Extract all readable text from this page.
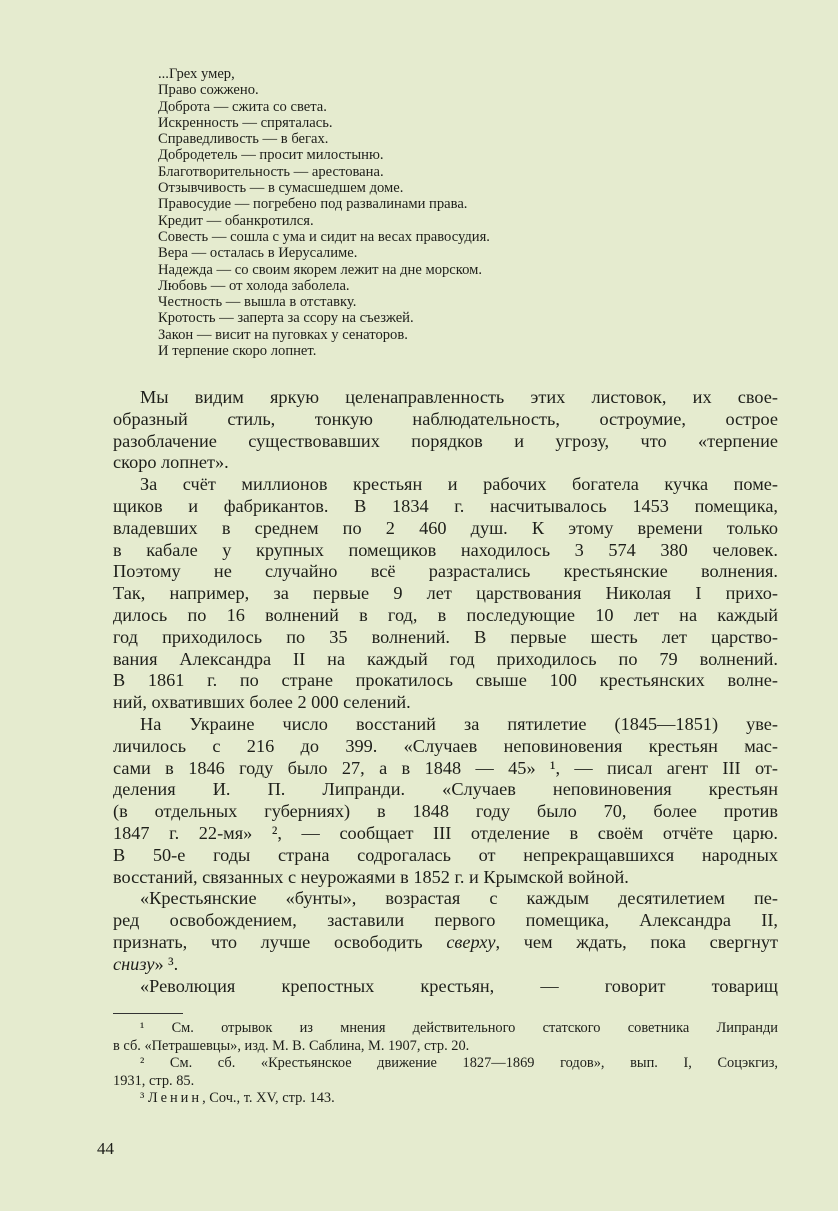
...Грех умер,
Право сожжено.
Доброта — сжита со света.
Искренность — спряталась.
Справедливость — в бегах.
Добродетель — просит милостыню.
Благотворительность — арестована.
Отзывчивость — в сумасшедшем доме.
Правосудие — погребено под развалинами права.
Кредит — обанкротился.
Совесть — сошла с ума и сидит на весах правосудия.
Вера — осталась в Иерусалиме.
Надежда — со своим якорем лежит на дне морском.
Любовь — от холода заболела.
Честность — вышла в отставку.
Кротость — заперта за ссору на съезжей.
Закон — висит на пуговках у сенаторов.
И терпение скоро лопнет.
Мы видим яркую целенаправленность этих листовок, их свое-
образный стиль, тонкую наблюдательность, остроумие, острое
разоблачение существовавших порядков и угрозу, что «терпение
скоро лопнет».
За счёт миллионов крестьян и рабочих богатела кучка поме-
щиков и фабрикантов. В 1834 г. насчитывалось 1453 помещика,
владевших в среднем по 2 460 душ. К этому времени только
в кабале у крупных помещиков находилось 3 574 380 человек.
Поэтому не случайно всё разрастались крестьянские волнения.
Так, например, за первые 9 лет царствования Николая I прихо-
дилось по 16 волнений в год, в последующие 10 лет на каждый
год приходилось по 35 волнений. В первые шесть лет царство-
вания Александра II на каждый год приходилось по 79 волнений.
В 1861 г. по стране прокатилось свыше 100 крестьянских волне-
ний, охвативших более 2 000 селений.
На Украине число восстаний за пятилетие (1845—1851) уве-
личилось с 216 до 399. «Случаев неповиновения крестьян мас-
сами в 1846 году было 27, а в 1848 — 45» ¹, — писал агент III от-
деления И. П. Липранди. «Случаев неповиновения крестьян
(в отдельных губерниях) в 1848 году было 70, более против
1847 г. 22-мя» ², — сообщает III отделение в своём отчёте царю.
В 50-е годы страна содрогалась от непрекращавшихся народных
восстаний, связанных с неурожаями в 1852 г. и Крымской войной.
«Крестьянские «бунты», возрастая с каждым десятилетием пе-
ред освобождением, заставили первого помещика, Александра II,
признать, что лучше освободить сверху, чем ждать, пока свергнут
снизу» ³.
«Революция крепостных крестьян, — говорит товарищ
¹ См. отрывок из мнения действительного статского советника Липранди
в сб. «Петрашевцы», изд. М. В. Саблина, М. 1907, стр. 20.
² См. сб. «Крестьянское движение 1827—1869 годов», вып. I, Соцэкгиз,
1931, стр. 85.
³ Ленин, Соч., т. XV, стр. 143.
44
